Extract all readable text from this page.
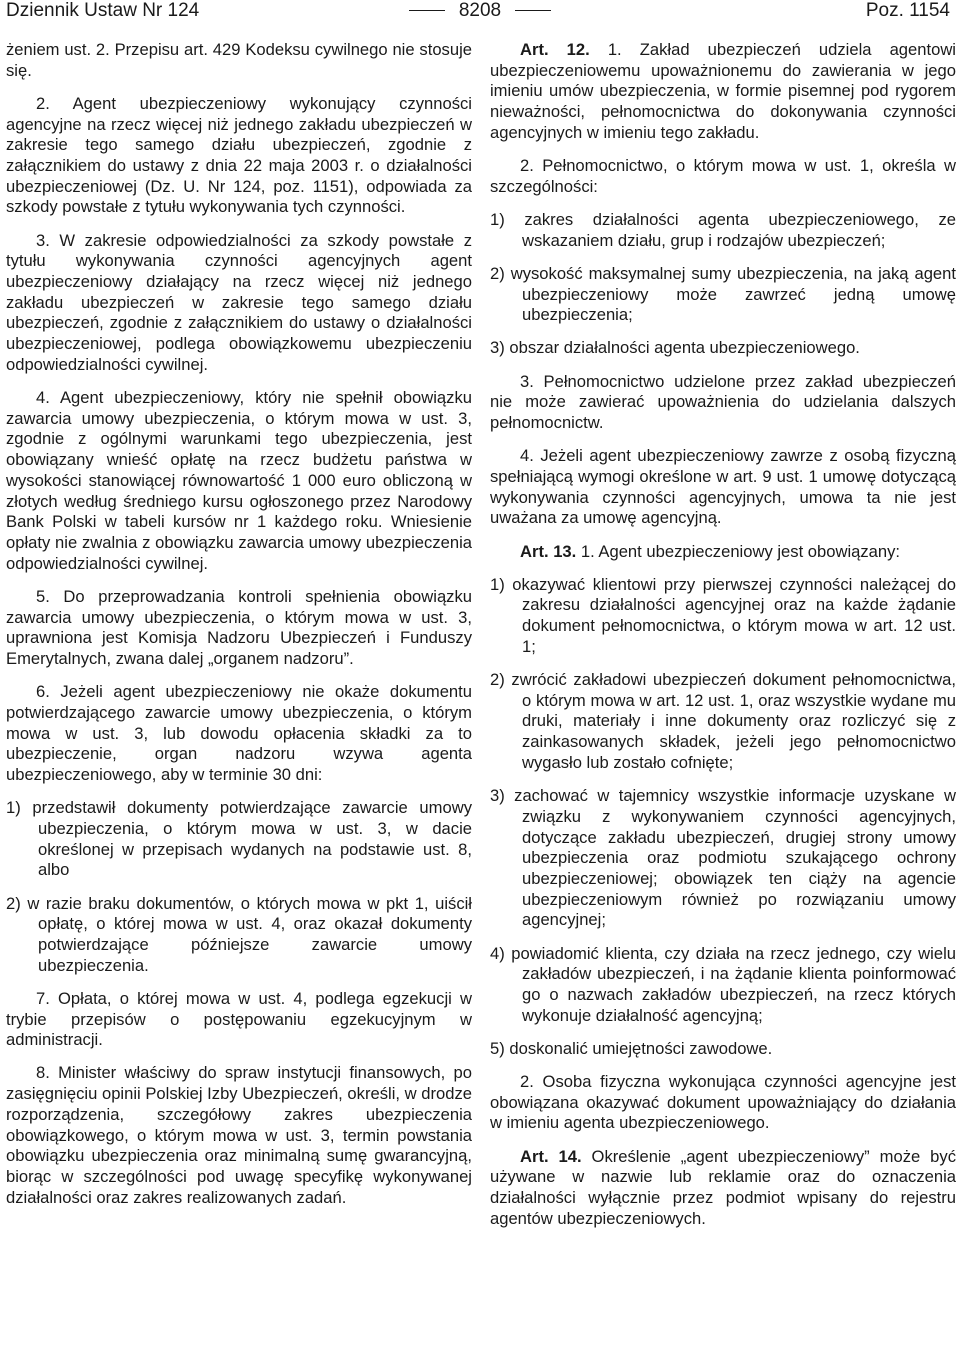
Dziennik Ustaw Nr 124	8208	Poz. 1154

żeniem ust. 2. Przepisu art. 429 Kodeksu cywilnego nie stosuje się.

2. Agent ubezpieczeniowy wykonujący czynności agencyjne na rzecz więcej niż jednego zakładu ubezpieczeń w zakresie tego samego działu ubezpieczeń, zgodnie z załącznikiem do ustawy z dnia 22 maja 2003 r. o działalności ubezpieczeniowej (Dz. U. Nr 124, poz. 1151), odpowiada za szkody powstałe z tytułu wykonywania tych czynności.

3. W zakresie odpowiedzialności za szkody powstałe z tytułu wykonywania czynności agencyjnych agent ubezpieczeniowy działający na rzecz więcej niż jednego zakładu ubezpieczeń w zakresie tego samego działu ubezpieczeń, zgodnie z załącznikiem do ustawy o działalności ubezpieczeniowej, podlega obowiązkowemu ubezpieczeniu odpowiedzialności cywilnej.

4. Agent ubezpieczeniowy, który nie spełnił obowiązku zawarcia umowy ubezpieczenia, o którym mowa w ust. 3, zgodnie z ogólnymi warunkami tego ubezpieczenia, jest obowiązany wnieść opłatę na rzecz budżetu państwa w wysokości stanowiącej równowartość 1 000 euro obliczoną w złotych według średniego kursu ogłoszonego przez Narodowy Bank Polski w tabeli kursów nr 1 każdego roku. Wniesienie opłaty nie zwalnia z obowiązku zawarcia umowy ubezpieczenia odpowiedzialności cywilnej.

5. Do przeprowadzania kontroli spełnienia obowiązku zawarcia umowy ubezpieczenia, o którym mowa w ust. 3, uprawniona jest Komisja Nadzoru Ubezpieczeń i Funduszy Emerytalnych, zwana dalej „organem nadzoru”.

6. Jeżeli agent ubezpieczeniowy nie okaże dokumentu potwierdzającego zawarcie umowy ubezpieczenia, o którym mowa w ust. 3, lub dowodu opłacenia składki za to ubezpieczenie, organ nadzoru wzywa agenta ubezpieczeniowego, aby w terminie 30 dni:

1) przedstawił dokumenty potwierdzające zawarcie umowy ubezpieczenia, o którym mowa w ust. 3, w dacie określonej w przepisach wydanych na podstawie ust. 8, albo

2) w razie braku dokumentów, o których mowa w pkt 1, uiścił opłatę, o której mowa w ust. 4, oraz okazał dokumenty potwierdzające późniejsze zawarcie umowy ubezpieczenia.

7. Opłata, o której mowa w ust. 4, podlega egzekucji w trybie przepisów o postępowaniu egzekucyjnym w administracji.

8. Minister właściwy do spraw instytucji finansowych, po zasięgnięciu opinii Polskiej Izby Ubezpieczeń, określi, w drodze rozporządzenia, szczegółowy zakres ubezpieczenia obowiązkowego, o którym mowa w ust. 3, termin powstania obowiązku ubezpieczenia oraz minimalną sumę gwarancyjną, biorąc w szczególności pod uwagę specyfikę wykonywanej działalności oraz zakres realizowanych zadań.

Art. 12. 1. Zakład ubezpieczeń udziela agentowi ubezpieczeniowemu upoważnionemu do zawierania w jego imieniu umów ubezpieczenia, w formie pisemnej pod rygorem nieważności, pełnomocnictwa do dokonywania czynności agencyjnych w imieniu tego zakładu.

2. Pełnomocnictwo, o którym mowa w ust. 1, określa w szczególności:

1) zakres działalności agenta ubezpieczeniowego, ze wskazaniem działu, grup i rodzajów ubezpieczeń;

2) wysokość maksymalnej sumy ubezpieczenia, na jaką agent ubezpieczeniowy może zawrzeć jedną umowę ubezpieczenia;

3) obszar działalności agenta ubezpieczeniowego.

3. Pełnomocnictwo udzielone przez zakład ubezpieczeń nie może zawierać upoważnienia do udzielania dalszych pełnomocnictw.

4. Jeżeli agent ubezpieczeniowy zawrze z osobą fizyczną spełniającą wymogi określone w art. 9 ust. 1 umowę dotyczącą wykonywania czynności agencyjnych, umowa ta nie jest uważana za umowę agencyjną.

Art. 13. 1. Agent ubezpieczeniowy jest obowiązany:

1) okazywać klientowi przy pierwszej czynności należącej do zakresu działalności agencyjnej oraz na każde żądanie dokument pełnomocnictwa, o którym mowa w art. 12 ust. 1;

2) zwrócić zakładowi ubezpieczeń dokument pełnomocnictwa, o którym mowa w art. 12 ust. 1, oraz wszystkie wydane mu druki, materiały i inne dokumenty oraz rozliczyć się z zainkasowanych składek, jeżeli jego pełnomocnictwo wygasło lub zostało cofnięte;

3) zachować w tajemnicy wszystkie informacje uzyskane w związku z wykonywaniem czynności agencyjnych, dotyczące zakładu ubezpieczeń, drugiej strony umowy ubezpieczenia oraz podmiotu szukającego ochrony ubezpieczeniowej; obowiązek ten ciąży na agencie ubezpieczeniowym również po rozwiązaniu umowy agencyjnej;

4) powiadomić klienta, czy działa na rzecz jednego, czy wielu zakładów ubezpieczeń, i na żądanie klienta poinformować go o nazwach zakładów ubezpieczeń, na rzecz których wykonuje działalność agencyjną;

5) doskonalić umiejętności zawodowe.

2. Osoba fizyczna wykonująca czynności agencyjne jest obowiązana okazywać dokument upoważniający do działania w imieniu agenta ubezpieczeniowego.

Art. 14. Określenie „agent ubezpieczeniowy” może być używane w nazwie lub reklamie oraz do oznaczenia działalności wyłącznie przez podmiot wpisany do rejestru agentów ubezpieczeniowych.
